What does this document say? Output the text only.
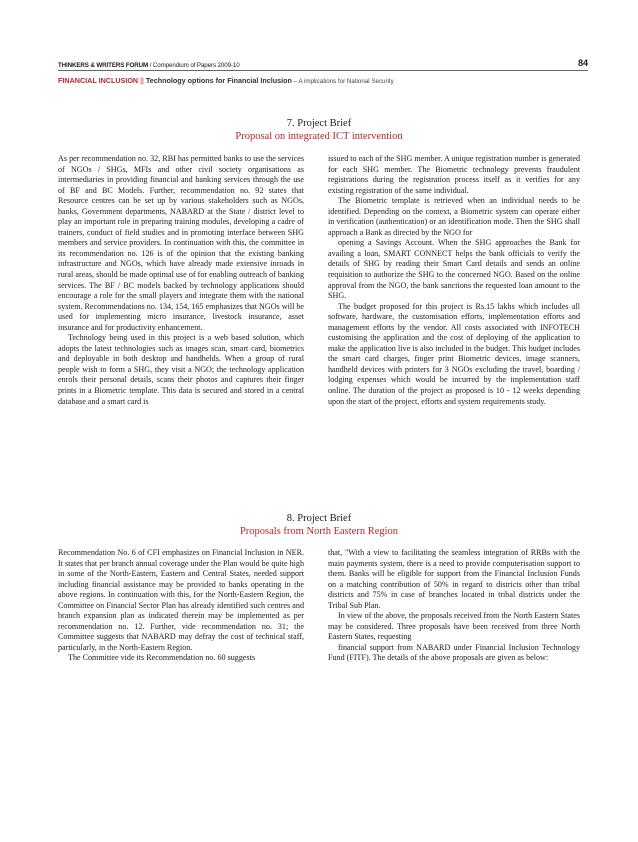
84
THINKERS & WRITERS FORUM / Compendium of Papers 2009-10
FINANCIAL INCLUSION || Technology options for Financial Inclusion – A implications for National Security
7. Project Brief
Proposal on integrated ICT intervention

As per recommendation no. 32, RBI has permitted banks to use the services of NGOs / SHGs, MFIs and other civil society organisations as intermediaries in providing financial and banking services through the use of BF and BC Models. Further, recommendation no. 92 states that Resource centres can be set up by various stakeholders such as NGOs, banks, Government departments, NABARD at the State / district level to play an important role in preparing training modules, developing a cadre of trainers, conduct of field studies and in promoting interface between SHG members and service providers. In continuation with this, the committee in its recommendation no. 126 is of the opinion that the existing banking infrastructure and NGOs, which have already made extensive inroads in rural areas, should be made optimal use of for enabling outreach of banking services. The BF / BC models backed by technology applications should encourage a role for the small players and integrate them with the national system. Recommendations no. 134, 154, 165 emphasizes that NGOs will be used for implementing micro insurance, livestock insurance, asset insurance and for productivity enhancement.

Technology being used in this project is a web based solution, which adopts the latest technologies such as images scan, smart card, biometrics and deployable in both desktop and handhelds. When a group of rural people wish to form a SHG, they visit a NGO; the technology application enrols their personal details, scans their photos and captures their finger prints in a Biometric template. This data is secured and stored in a central database and a smart card is

issued to each of the SHG member. A unique registration number is generated for each SHG member. The Biometric technology prevents fraudulent registrations during the registration process itself as it verifies for any existing registration of the same individual.

The Biometric template is retrieved when an individual needs to be identified. Depending on the context, a Biometric system can operate either in verification (authentication) or an identification mode. Then the SHG shall approach a Bank as directed by the NGO for

opening a Savings Account. When the SHG approaches the Bank for availing a loan, SMART CONNECT helps the bank officials to verify the details of SHG by reading their Smart Card details and sends an online requisition to authorize the SHG to the concerned NGO. Based on the online approval from the NGO, the bank sanctions the requested loan amount to the SHG.

The budget proposed for this project is Rs.15 lakhs which includes all software, hardware, the customisation efforts, implementation efforts and management efforts by the vendor. All costs associated with INFOTECH customising the application and the cost of deploying of the application to make the application live is also included in the budget. This budget includes the smart card charges, finger print Biometric devices, image scanners, handheld devices with printers for 3 NGOs excluding the travel, boarding / lodging expenses which would be incurred by the implementation staff online. The duration of the project as proposed is 10 - 12 weeks depending upon the start of the project, efforts and system requirements study.

8. Project Brief
Proposals from North Eastern Region

Recommendation No. 6 of CFI emphasizes on Financial Inclusion in NER. It states that per branch annual coverage under the Plan would be quite high in some of the North-Eastern, Eastern and Central States, needed support including financial assistance may be provided to banks operating in the above regions. In continuation with this, for the North-Eastern Region, the Committee on Financial Sector Plan has already identified such centres and branch expansion plan as indicated therein may be implemented as per recommendation no. 12. Further, vide recommendation no. 31; the Committee suggests that NABARD may defray the cost of technical staff, particularly, in the North-Eastern Region.

The Committee vide its Recommendation no. 60 suggests

that, "With a view to facilitating the seamless integration of RRBs with the main payments system, there is a need to provide computerisation support to them. Banks will be eligible for support from the Financial Inclusion Funds on a matching contribution of 50% in regard to districts other than tribal districts and 75% in case of branches located in tribal districts under the Tribal Sub Plan.

In view of the above, the proposals received from the North Eastern States may be considered. Three proposals have been received from three North Eastern States, requesting

financial support from NABARD under Financial Inclusion Technology Fund (FITF). The details of the above proposals are given as below:
